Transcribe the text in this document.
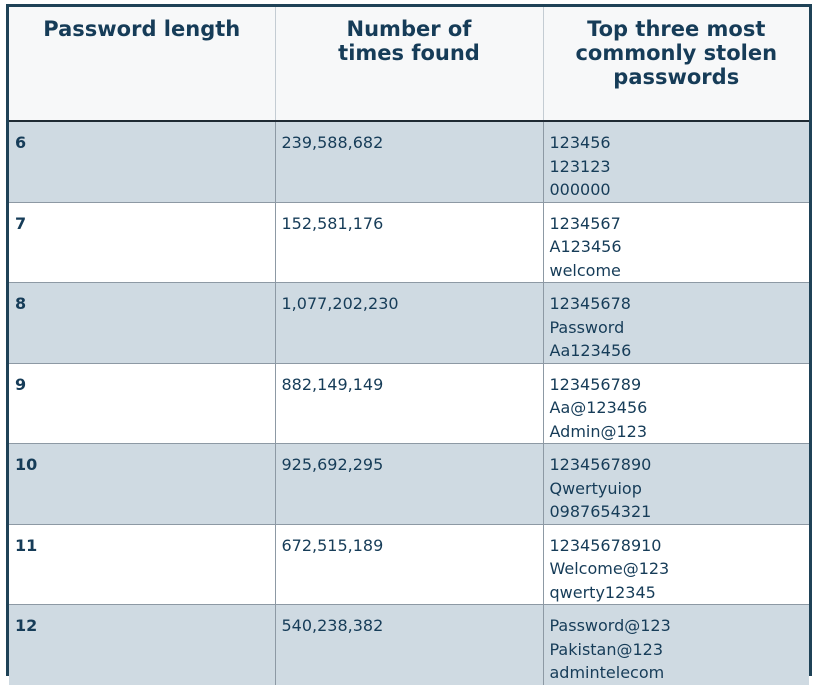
Password length	Number of times found	Top three most commonly stolen passwords
6	239,588,682	123456
123123
000000

7	152,581,176	1234567
A123456
welcome

8	1,077,202,230	12345678
Password
Aa123456

9	882,149,149	123456789
Aa@123456
Admin@123

10	925,692,295	1234567890
Qwertyuiop
0987654321

11	672,515,189	12345678910
Welcome@123
qwerty12345

12	540,238,382	Password@123
Pakistan@123
admintelecom
